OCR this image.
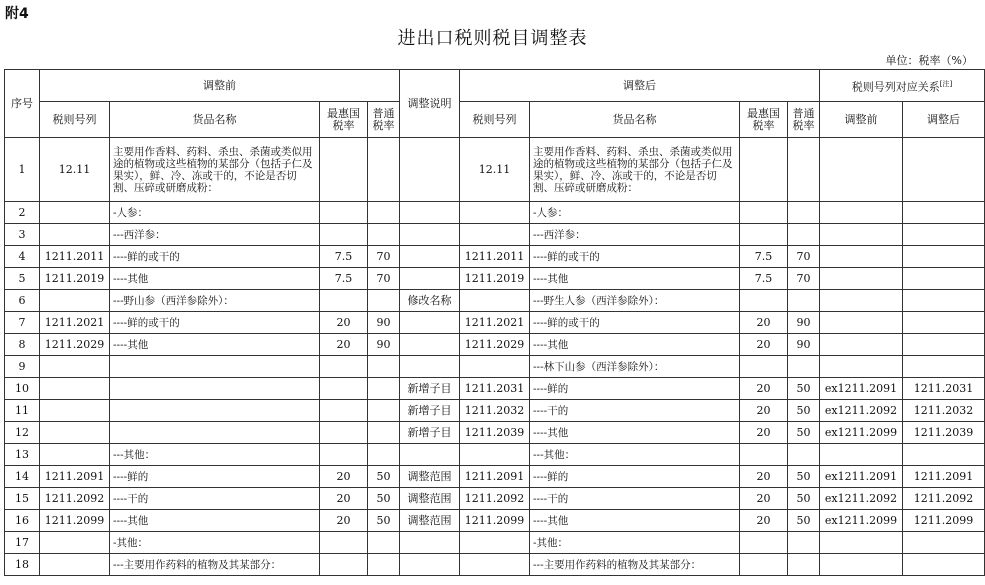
附4
进出口税则税目调整表
单位：税率（%）
序号	调整前				调整说明	调整后				税则号列对应关系[注]
	税则号列	货品名称	最惠国税率	普通税率		税则号列	货品名称	最惠国税率	普通税率	调整前	调整后
1	12.11	主要用作香料、药料、杀虫、杀菌或类似用途的植物或这些植物的某部分（包括子仁及果实），鲜、冷、冻或干的，不论是否切割、压碎或研磨成粉：				12.11	主要用作香料、药料、杀虫、杀菌或类似用途的植物或这些植物的某部分（包括子仁及果实），鲜、冷、冻或干的，不论是否切割、压碎或研磨成粉：				
2		-人参：					-人参：				
3		---西洋参：					---西洋参：				
4	1211.2011	----鲜的或干的	7.5	70		1211.2011	----鲜的或干的	7.5	70		
5	1211.2019	----其他	7.5	70		1211.2019	----其他	7.5	70		
6		---野山参（西洋参除外）：			修改名称		---野生人参（西洋参除外）：				
7	1211.2021	----鲜的或干的	20	90		1211.2021	----鲜的或干的	20	90		
8	1211.2029	----其他	20	90		1211.2029	----其他	20	90		
9							---林下山参（西洋参除外）：				
10					新增子目	1211.2031	----鲜的	20	50	ex1211.2091	1211.2031
11					新增子目	1211.2032	----干的	20	50	ex1211.2092	1211.2032
12					新增子目	1211.2039	----其他	20	50	ex1211.2099	1211.2039
13		---其他：					---其他：				
14	1211.2091	----鲜的	20	50	调整范围	1211.2091	----鲜的	20	50	ex1211.2091	1211.2091
15	1211.2092	----干的	20	50	调整范围	1211.2092	----干的	20	50	ex1211.2092	1211.2092
16	1211.2099	----其他	20	50	调整范围	1211.2099	----其他	20	50	ex1211.2099	1211.2099
17		-其他：					-其他：				
18		---主要用作药料的植物及其某部分：					---主要用作药料的植物及其某部分：				
